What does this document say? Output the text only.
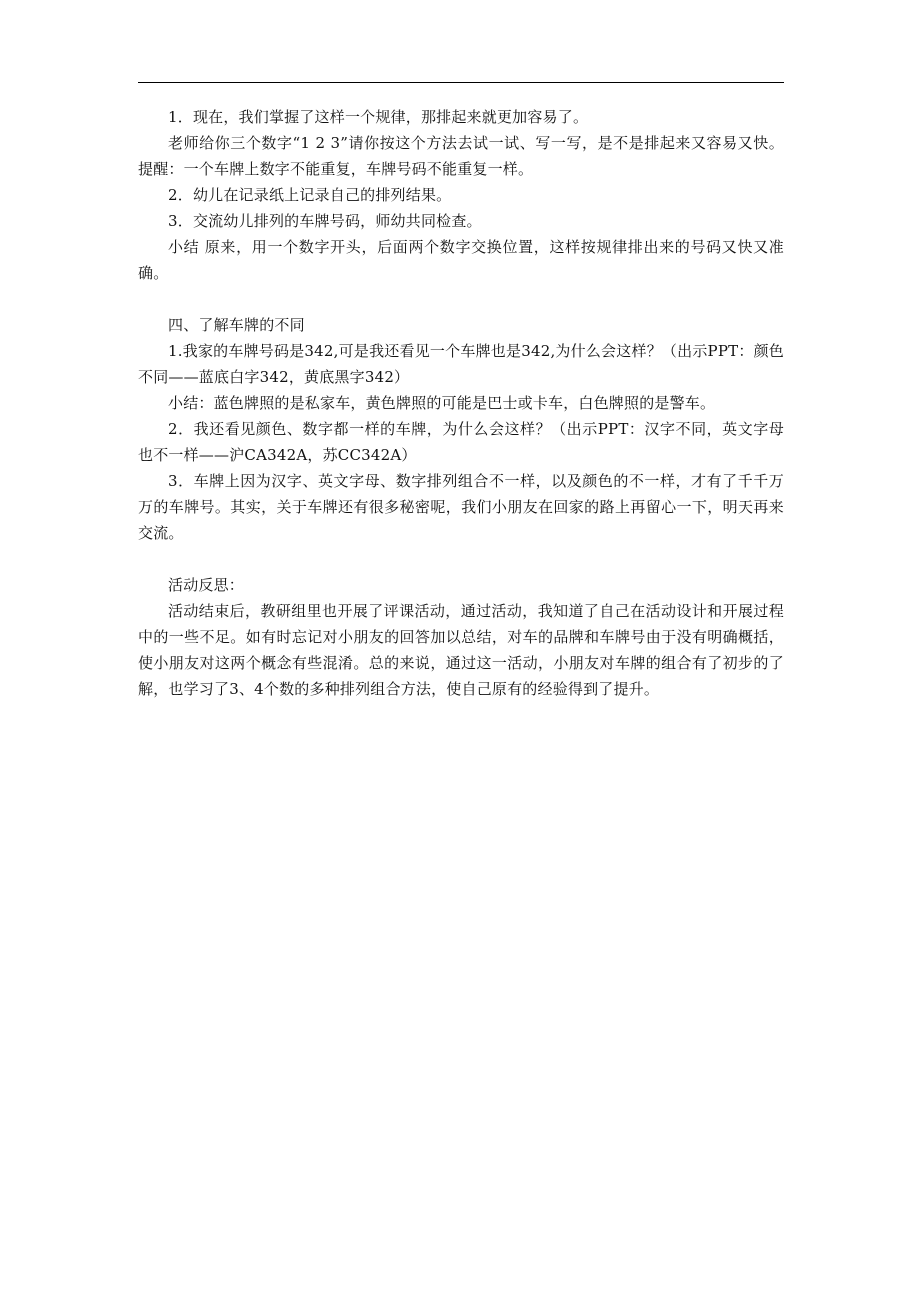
1．现在，我们掌握了这样一个规律，那排起来就更加容易了。

老师给你三个数字“1 2 3”请你按这个方法去试一试、写一写，是不是排起来又容易又快。提醒：一个车牌上数字不能重复，车牌号码不能重复一样。

2．幼儿在记录纸上记录自己的排列结果。

3．交流幼儿排列的车牌号码，师幼共同检查。

小结 原来，用一个数字开头，后面两个数字交换位置，这样按规律排出来的号码又快又准确。

四、了解车牌的不同

1.我家的车牌号码是342,可是我还看见一个车牌也是342,为什么会这样？（出示PPT：颜色不同——蓝底白字342，黄底黑字342）

小结：蓝色牌照的是私家车，黄色牌照的可能是巴士或卡车，白色牌照的是警车。

2．我还看见颜色、数字都一样的车牌，为什么会这样？（出示PPT：汉字不同，英文字母也不一样——沪CA342A，苏CC342A）

3．车牌上因为汉字、英文字母、数字排列组合不一样，以及颜色的不一样，才有了千千万万的车牌号。其实，关于车牌还有很多秘密呢，我们小朋友在回家的路上再留心一下，明天再来交流。

活动反思：

活动结束后，教研组里也开展了评课活动，通过活动，我知道了自己在活动设计和开展过程中的一些不足。如有时忘记对小朋友的回答加以总结，对车的品牌和车牌号由于没有明确概括，使小朋友对这两个概念有些混淆。总的来说，通过这一活动，小朋友对车牌的组合有了初步的了解，也学习了3、4个数的多种排列组合方法，使自己原有的经验得到了提升。
